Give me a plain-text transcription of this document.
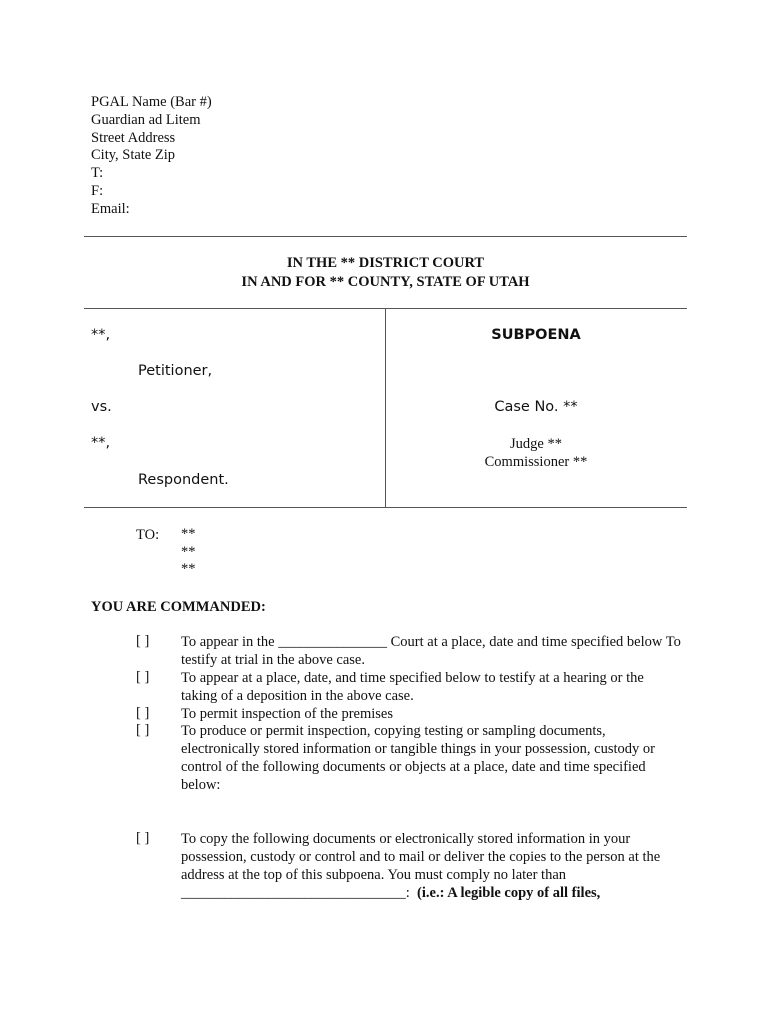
PGAL Name (Bar #)
Guardian ad Litem
Street Address
City, State Zip
T:
F:
Email:
IN THE ** DISTRICT COURT
IN AND FOR ** COUNTY, STATE OF UTAH
**,
Petitioner,
vs.
**,
Respondent.
SUBPOENA
Case No. **
Judge **
Commissioner **
TO: **
**
**
YOU ARE COMMANDED:
[ ] To appear in the _______________ Court at a place, date and time specified below To testify at trial in the above case.
[ ] To appear at a place, date, and time specified below to testify at a hearing or the taking of a deposition in the above case.
[ ] To permit inspection of the premises
[ ] To produce or permit inspection, copying testing or sampling documents, electronically stored information or tangible things in your possession, custody or control of the following documents or objects at a place, date and time specified below:
[ ] To copy the following documents or electronically stored information in your possession, custody or control and to mail or deliver the copies to the person at the address at the top of this subpoena. You must comply no later than _______________________________: (i.e.: A legible copy of all files,
